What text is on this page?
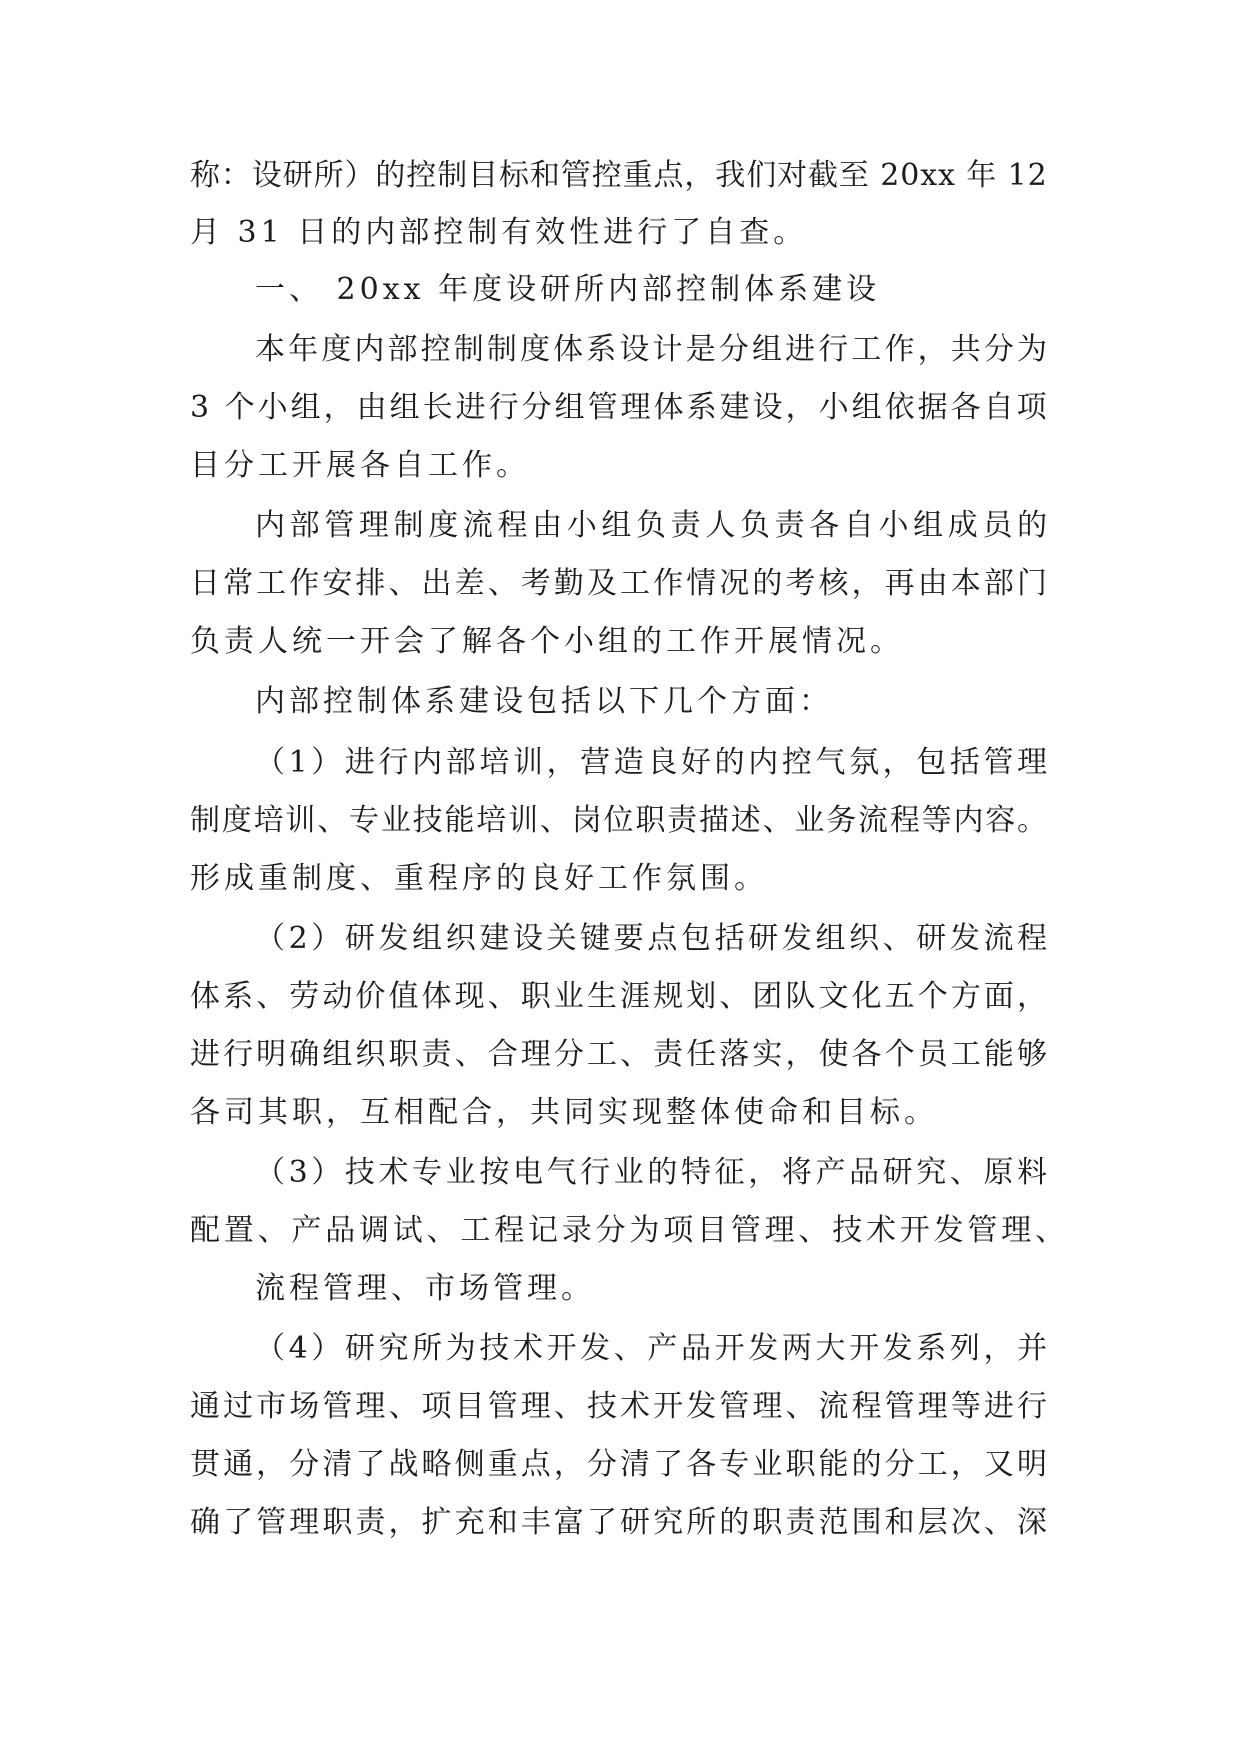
称：设研所）的控制目标和管控重点，我们对截至 20xx 年 12
月 31 日的内部控制有效性进行了自查。
一、 20xx 年度设研所内部控制体系建设
本年度内部控制制度体系设计是分组进行工作，共分为
3 个小组，由组长进行分组管理体系建设，小组依据各自项
目分工开展各自工作。
内部管理制度流程由小组负责人负责各自小组成员的
日常工作安排、出差、考勤及工作情况的考核，再由本部门
负责人统一开会了解各个小组的工作开展情况。
内部控制体系建设包括以下几个方面：
（1）进行内部培训，营造良好的内控气氛，包括管理
制度培训、专业技能培训、岗位职责描述、业务流程等内容。
形成重制度、重程序的良好工作氛围。
（2）研发组织建设关键要点包括研发组织、研发流程
体系、劳动价值体现、职业生涯规划、团队文化五个方面，
进行明确组织职责、合理分工、责任落实，使各个员工能够
各司其职，互相配合，共同实现整体使命和目标。
（3）技术专业按电气行业的特征，将产品研究、原料
配置、产品调试、工程记录分为项目管理、技术开发管理、
流程管理、市场管理。
（4）研究所为技术开发、产品开发两大开发系列，并
通过市场管理、项目管理、技术开发管理、流程管理等进行
贯通，分清了战略侧重点，分清了各专业职能的分工，又明
确了管理职责，扩充和丰富了研究所的职责范围和层次、深
